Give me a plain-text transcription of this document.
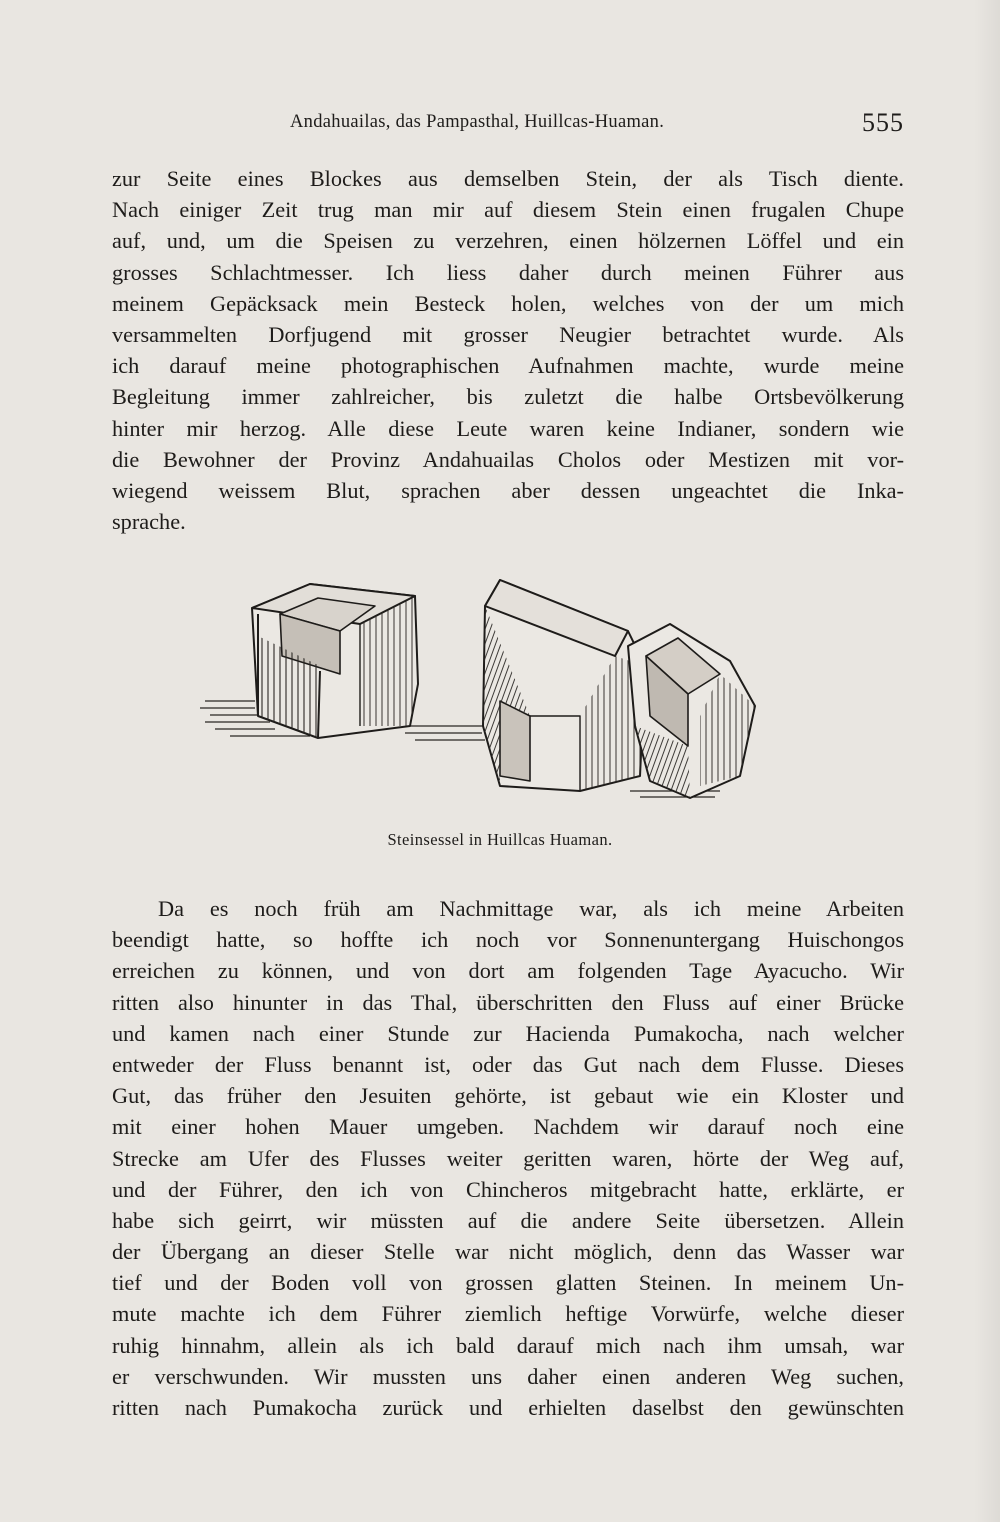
Andahuailas, das Pampasthal, Huillcas-Huaman.	555
zur Seite eines Blockes aus demselben Stein, der als Tisch diente.
Nach einiger Zeit trug man mir auf diesem Stein einen frugalen Chupe
auf, und, um die Speisen zu verzehren, einen hölzernen Löffel und ein
grosses Schlachtmesser. Ich liess daher durch meinen Führer aus
meinem Gepäcksack mein Besteck holen, welches von der um mich
versammelten Dorfjugend mit grosser Neugier betrachtet wurde. Als
ich darauf meine photographischen Aufnahmen machte, wurde meine
Begleitung immer zahlreicher, bis zuletzt die halbe Ortsbevölkerung
hinter mir herzog. Alle diese Leute waren keine Indianer, sondern wie
die Bewohner der Provinz Andahuailas Cholos oder Mestizen mit vor-
wiegend weissem Blut, sprachen aber dessen ungeachtet die Inka-
sprache.
Steinsessel in Huillcas Huaman.
Da es noch früh am Nachmittage war, als ich meine Arbeiten
beendigt hatte, so hoffte ich noch vor Sonnenuntergang Huischongos
erreichen zu können, und von dort am folgenden Tage Ayacucho. Wir
ritten also hinunter in das Thal, überschritten den Fluss auf einer Brücke
und kamen nach einer Stunde zur Hacienda Pumakocha, nach welcher
entweder der Fluss benannt ist, oder das Gut nach dem Flusse. Dieses
Gut, das früher den Jesuiten gehörte, ist gebaut wie ein Kloster und
mit einer hohen Mauer umgeben. Nachdem wir darauf noch eine
Strecke am Ufer des Flusses weiter geritten waren, hörte der Weg auf,
und der Führer, den ich von Chincheros mitgebracht hatte, erklärte, er
habe sich geirrt, wir müssten auf die andere Seite übersetzen. Allein
der Übergang an dieser Stelle war nicht möglich, denn das Wasser war
tief und der Boden voll von grossen glatten Steinen. In meinem Un-
mute machte ich dem Führer ziemlich heftige Vorwürfe, welche dieser
ruhig hinnahm, allein als ich bald darauf mich nach ihm umsah, war
er verschwunden. Wir mussten uns daher einen anderen Weg suchen,
ritten nach Pumakocha zurück und erhielten daselbst den gewünschten
